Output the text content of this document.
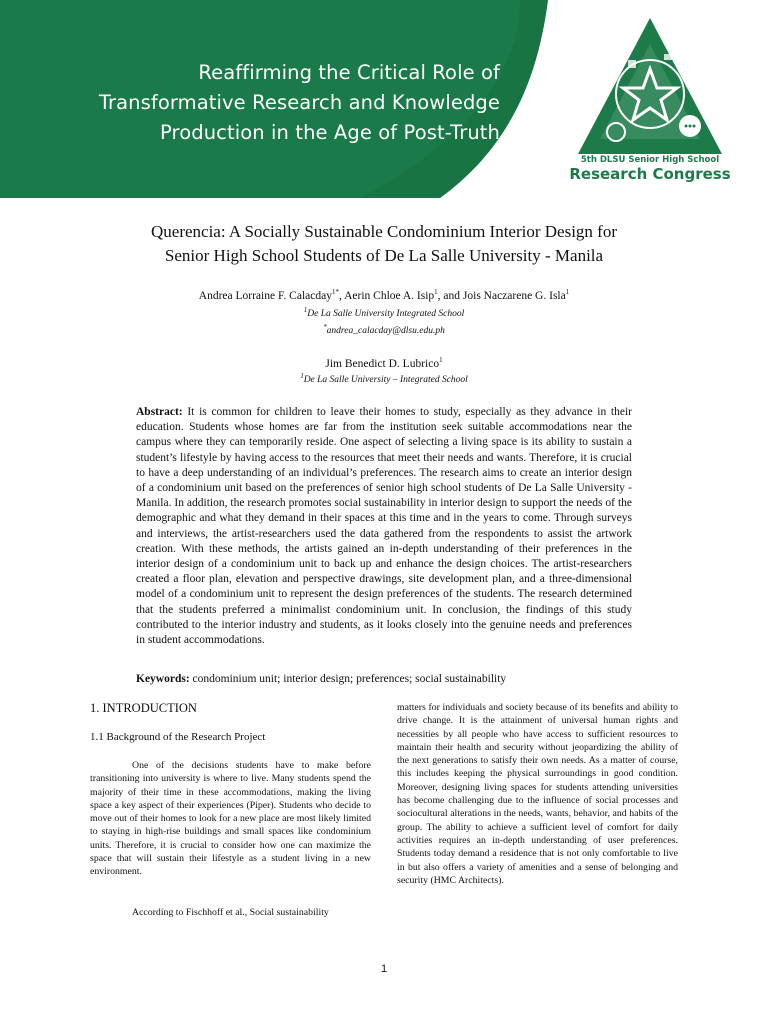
Reaffirming the Critical Role of
Transformative Research and Knowledge
Production in the Age of Post-Truth
5th DLSU Senior High School
Research Congress
Querencia: A Socially Sustainable Condominium Interior Design for
Senior High School Students of De La Salle University - Manila
Andrea Lorraine F. Calacday$^{1*}$, Aerin Chloe A. Isip$^1$, and Jois Naczarene G. Isla$^1$
$^1$De La Salle University Integrated School
*andrea_calacday@dlsu.edu.ph
Jim Benedict D. Lubrico$^1$
$^1$De La Salle University – Integrated School
Abstract: It is common for children to leave their homes to study, especially as they advance in their education. Students whose homes are far from the institution seek suitable accommodations near the campus where they can temporarily reside. One aspect of selecting a living space is its ability to sustain a student’s lifestyle by having access to the resources that meet their needs and wants. Therefore, it is crucial to have a deep understanding of an individual’s preferences. The research aims to create an interior design of a condominium unit based on the preferences of senior high school students of De La Salle University - Manila. In addition, the research promotes social sustainability in interior design to support the needs of the demographic and what they demand in their spaces at this time and in the years to come. Through surveys and interviews, the artist-researchers used the data gathered from the respondents to assist the artwork creation. With these methods, the artists gained an in-depth understanding of their preferences in the interior design of a condominium unit to back up and enhance the design choices. The artist-researchers created a floor plan, elevation and perspective drawings, site development plan, and a three-dimensional model of a condominium unit to represent the design preferences of the students. The research determined that the students preferred a minimalist condominium unit. In conclusion, the findings of this study contributed to the interior industry and students, as it looks closely into the genuine needs and preferences in student accommodations.
Keywords: condominium unit; interior design; preferences; social sustainability
1. INTRODUCTION
1.1 Background of the Research Project
One of the decisions students have to make before transitioning into university is where to live. Many students spend the majority of their time in these accommodations, making the living space a key aspect of their experiences (Piper). Students who decide to move out of their homes to look for a new place are most likely limited to staying in high-rise buildings and small spaces like condominium units. Therefore, it is crucial to consider how one can maximize the space that will sustain their lifestyle as a student living in a new environment.
According to Fischhoff et al., Social sustainability
matters for individuals and society because of its benefits and ability to drive change. It is the attainment of universal human rights and necessities by all people who have access to sufficient resources to maintain their health and security without jeopardizing the ability of the next generations to satisfy their own needs. As a matter of course, this includes keeping the physical surroundings in good condition. Moreover, designing living spaces for students attending universities has become challenging due to the influence of social processes and sociocultural alterations in the needs, wants, behavior, and habits of the group. The ability to achieve a sufficient level of comfort for daily activities requires an in-depth understanding of user preferences. Students today demand a residence that is not only comfortable to live in but also offers a variety of amenities and a sense of belonging and security (HMC Architects).
1
